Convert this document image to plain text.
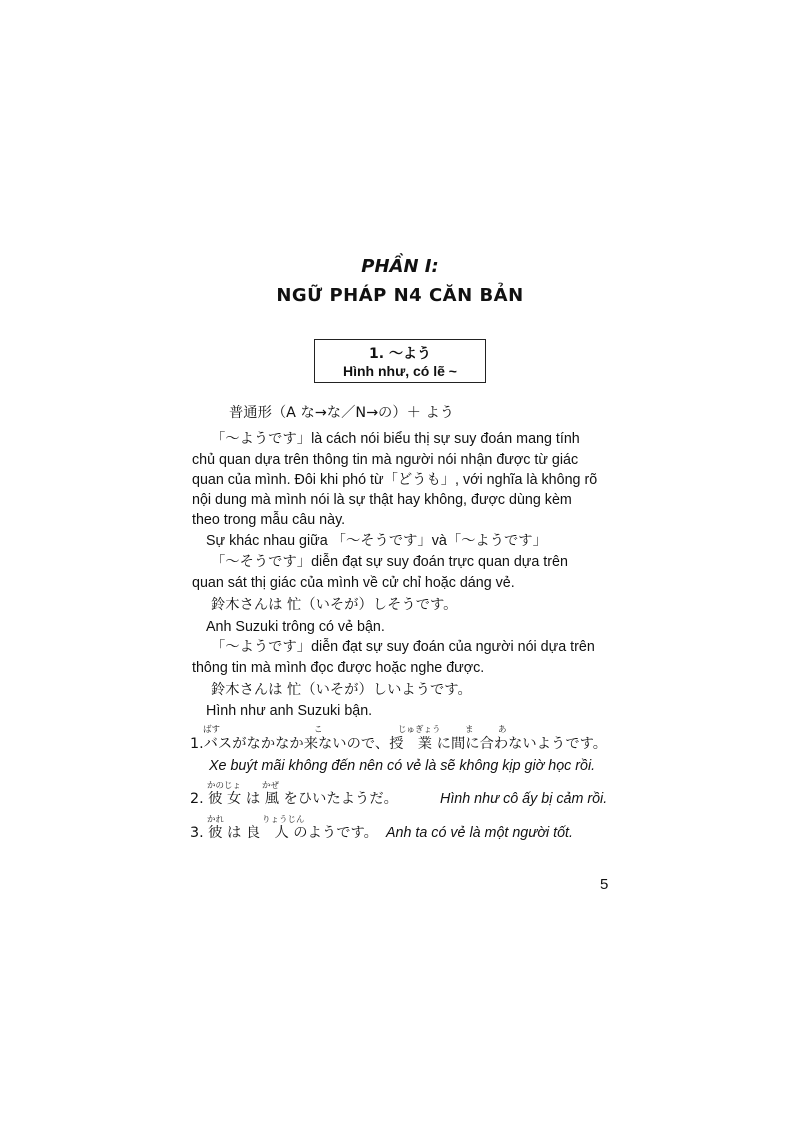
PHẦN I:
NGỮ PHÁP N4 CĂN BẢN
1. ～よう
Hình như, có lẽ ~
普通形（A な→な／N→の）＋ よう
「～ようです」là cách nói biểu thị sự suy đoán mang tính
chủ quan dựa trên thông tin mà người nói nhận được từ giác
quan của mình. Đôi khi phó từ「どうも」, với nghĩa là không rõ
nội dung mà mình nói là sự thật hay không, được dùng kèm
theo trong mẫu câu này.
Sự khác nhau giữa 「～そうです」và「～ようです」
「～そうです」diễn đạt sự suy đoán trực quan dựa trên
quan sát thị giác của mình về cử chỉ hoặc dáng vẻ.
鈴木さんは 忙（いそが）しそうです。
Anh Suzuki trông có vẻ bận.
「～ようです」diễn đạt sự suy đoán của người nói dựa trên
thông tin mà mình đọc được hoặc nghe được.
鈴木さんは 忙（いそが）しいようです。
Hình như anh Suzuki bận.
ばす	こ	じゅぎょう	ま	あ
1.バスがなかなか来ないので、授　業 に間に合わないようです。
Xe buýt mãi không đến nên có vẻ là sẽ không kịp giờ học rồi.
かのじょ かぜ
2. 彼 女 は 風 をひいたようだ。	Hình như cô ấy bị cảm rồi.
かれ	りょうじん
3. 彼 は 良　人 のようです。 Anh ta có vẻ là một người tốt.
5
